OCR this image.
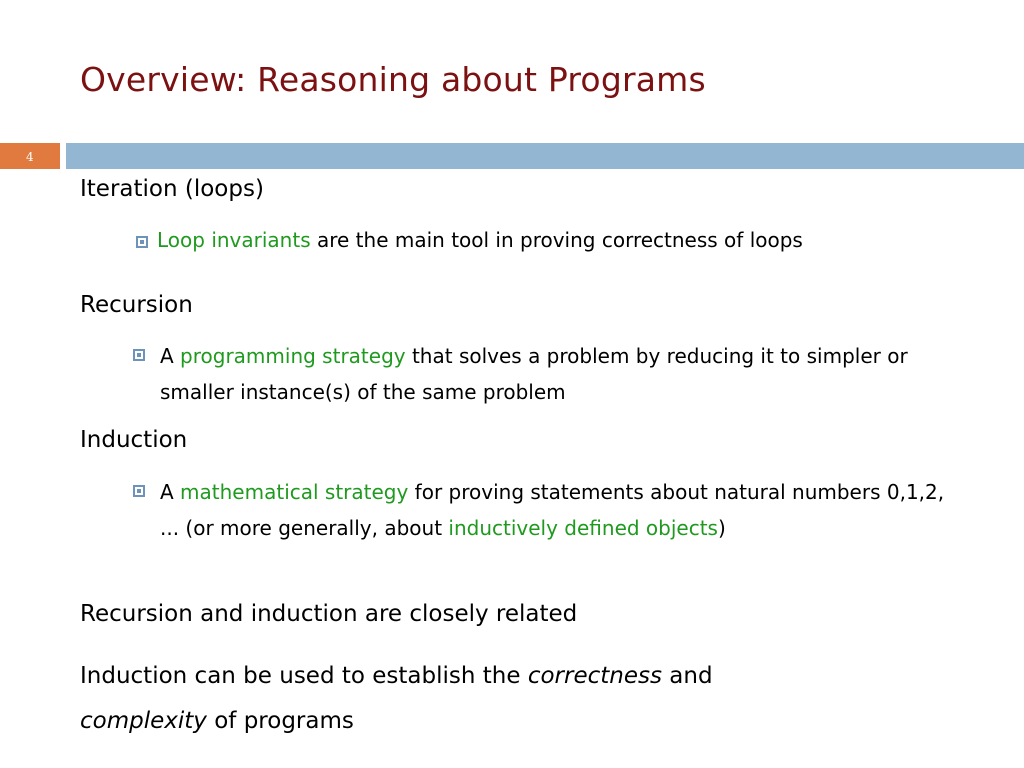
Overview: Reasoning about Programs
4
Iteration (loops)
Loop invariants are the main tool in proving correctness of loops
Recursion
A programming strategy that solves a problem by reducing it to simpler or smaller instance(s) of the same problem
Induction
A mathematical strategy for proving statements about natural numbers 0,1,2, ... (or more generally, about inductively defined objects)
Recursion and induction are closely related
Induction can be used to establish the correctness and
complexity of programs
